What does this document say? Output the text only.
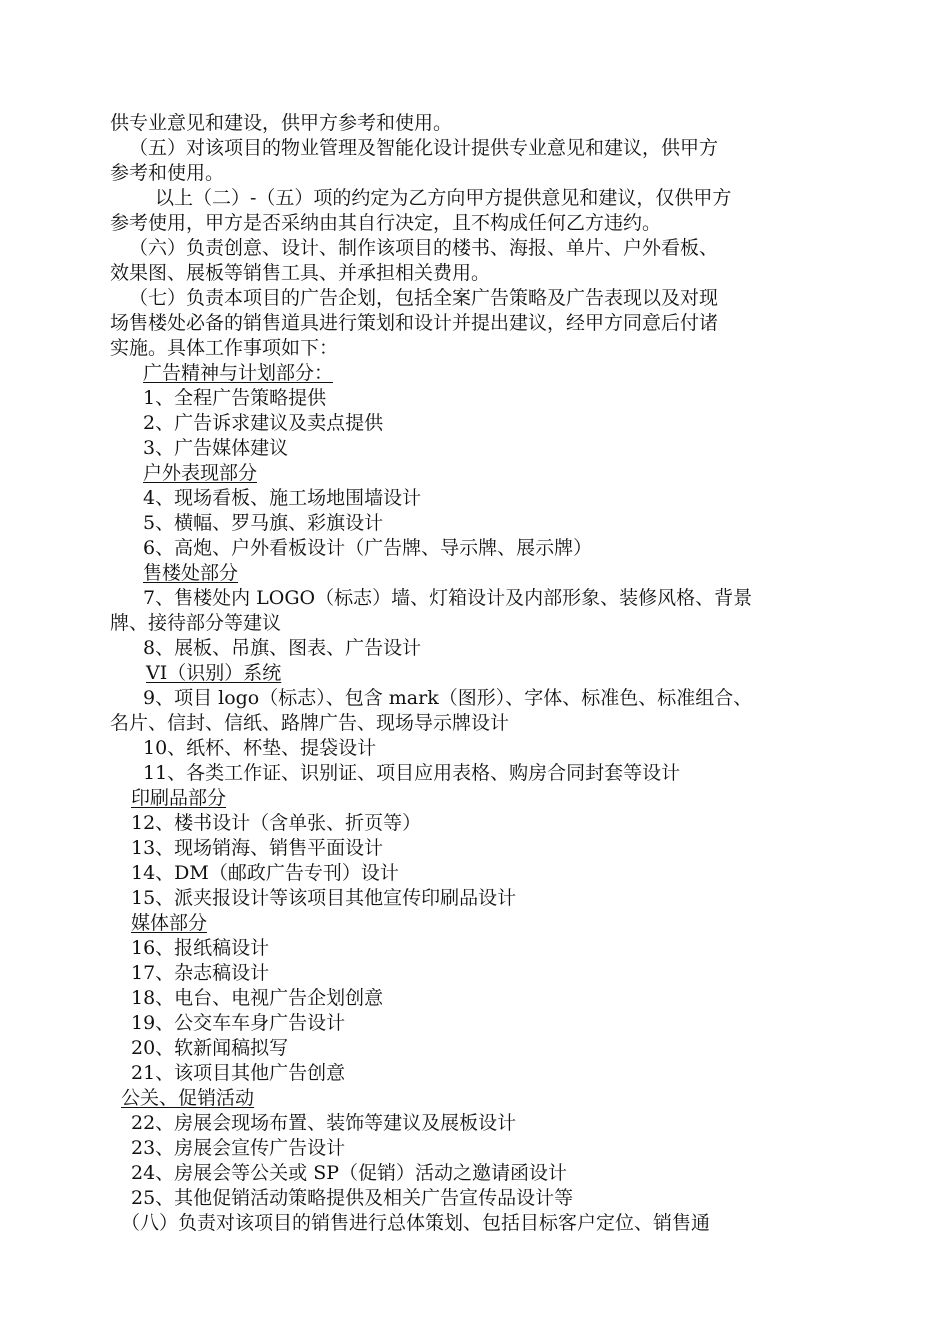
供专业意见和建设，供甲方参考和使用。
（五）对该项目的物业管理及智能化设计提供专业意见和建议，供甲方
参考和使用。
以上（二）-（五）项的约定为乙方向甲方提供意见和建议，仅供甲方
参考使用，甲方是否采纳由其自行决定，且不构成任何乙方违约。
（六）负责创意、设计、制作该项目的楼书、海报、单片、户外看板、
效果图、展板等销售工具、并承担相关费用。
（七）负责本项目的广告企划，包括全案广告策略及广告表现以及对现
场售楼处必备的销售道具进行策划和设计并提出建议，经甲方同意后付诸
实施。具体工作事项如下：
广告精神与计划部分：
1、全程广告策略提供
2、广告诉求建议及卖点提供
3、广告媒体建议
户外表现部分
4、现场看板、施工场地围墙设计
5、横幅、罗马旗、彩旗设计
6、高炮、户外看板设计（广告牌、导示牌、展示牌）
售楼处部分
7、售楼处内 LOGO（标志）墙、灯箱设计及内部形象、装修风格、背景
牌、接待部分等建议
8、展板、吊旗、图表、广告设计
VI（识别）系统
9、项目 logo（标志）、包含 mark（图形）、字体、标准色、标准组合、
名片、信封、信纸、路牌广告、现场导示牌设计
10、纸杯、杯垫、提袋设计
11、各类工作证、识别证、项目应用表格、购房合同封套等设计
印刷品部分
12、楼书设计（含单张、折页等）
13、现场销海、销售平面设计
14、DM（邮政广告专刊）设计
15、派夹报设计等该项目其他宣传印刷品设计
媒体部分
16、报纸稿设计
17、杂志稿设计
18、电台、电视广告企划创意
19、公交车车身广告设计
20、软新闻稿拟写
21、该项目其他广告创意
公关、促销活动
22、房展会现场布置、装饰等建议及展板设计
23、房展会宣传广告设计
24、房展会等公关或 SP（促销）活动之邀请函设计
25、其他促销活动策略提供及相关广告宣传品设计等
（八）负责对该项目的销售进行总体策划、包括目标客户定位、销售通
